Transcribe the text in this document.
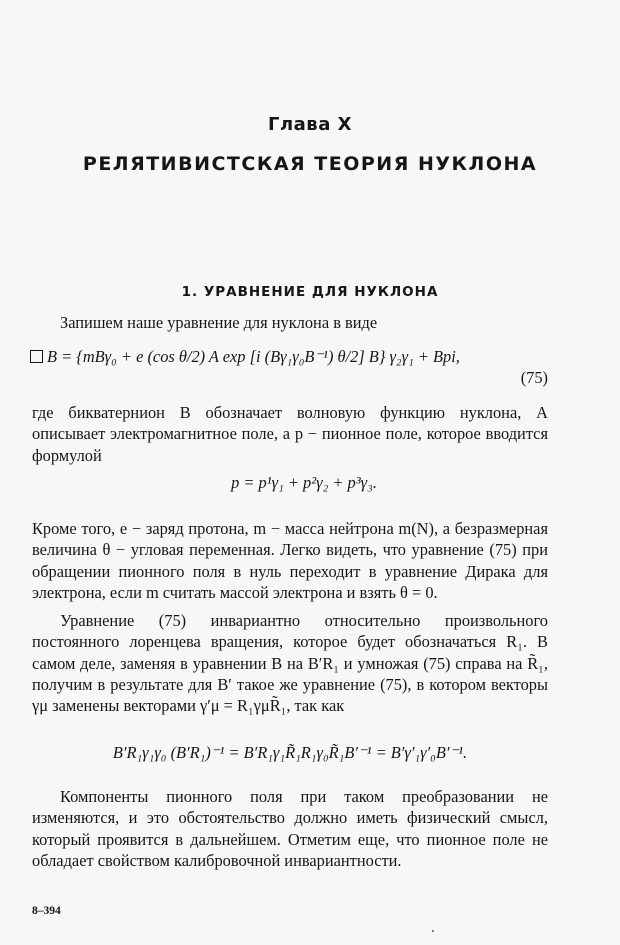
Глава X
РЕЛЯТИВИСТСКАЯ ТЕОРИЯ НУКЛОНА
1. УРАВНЕНИЕ ДЛЯ НУКЛОНА
Запишем наше уравнение для нуклона в виде
B = {mBγ₀ + e (cos θ/2) A exp [i (Bγ₁γ₀B⁻¹) θ/2] B} γ₂γ₁ + Bpi,
(75)
где бикватернион B обозначает волновую функцию нуклона, A описывает электромагнитное поле, а p − пионное поле, которое вводится формулой
p = p¹γ₁ + p²γ₂ + p³γ₃.
Кроме того, e − заряд протона, m − масса нейтрона m(N), а безразмерная величина θ − угловая переменная. Легко видеть, что уравнение (75) при обращении пионного поля в нуль переходит в уравнение Дирака для электрона, если m считать массой электрона и взять θ = 0.
Уравнение (75) инвариантно относительно произвольного постоянного лоренцева вращения, которое будет обозначаться R₁. В самом деле, заменяя в уравнении B на B′R₁ и умножая (75) справа на R̃₁, получим в результате для B′ такое же уравнение (75), в котором векторы γμ заменены векторами γ′μ = R₁γμR̃₁, так как
B′R₁γ₁γ₀ (B′R₁)⁻¹ = B′R₁γ₁R̃₁R₁γ₀R̃₁B′⁻¹ = B′γ′₁γ′₀B′⁻¹.
Компоненты пионного поля при таком преобразовании не изменяются, и это обстоятельство должно иметь физический смысл, который проявится в дальнейшем. Отметим еще, что пионное поле не обладает свойством калибровочной инвариантности.
8–394
